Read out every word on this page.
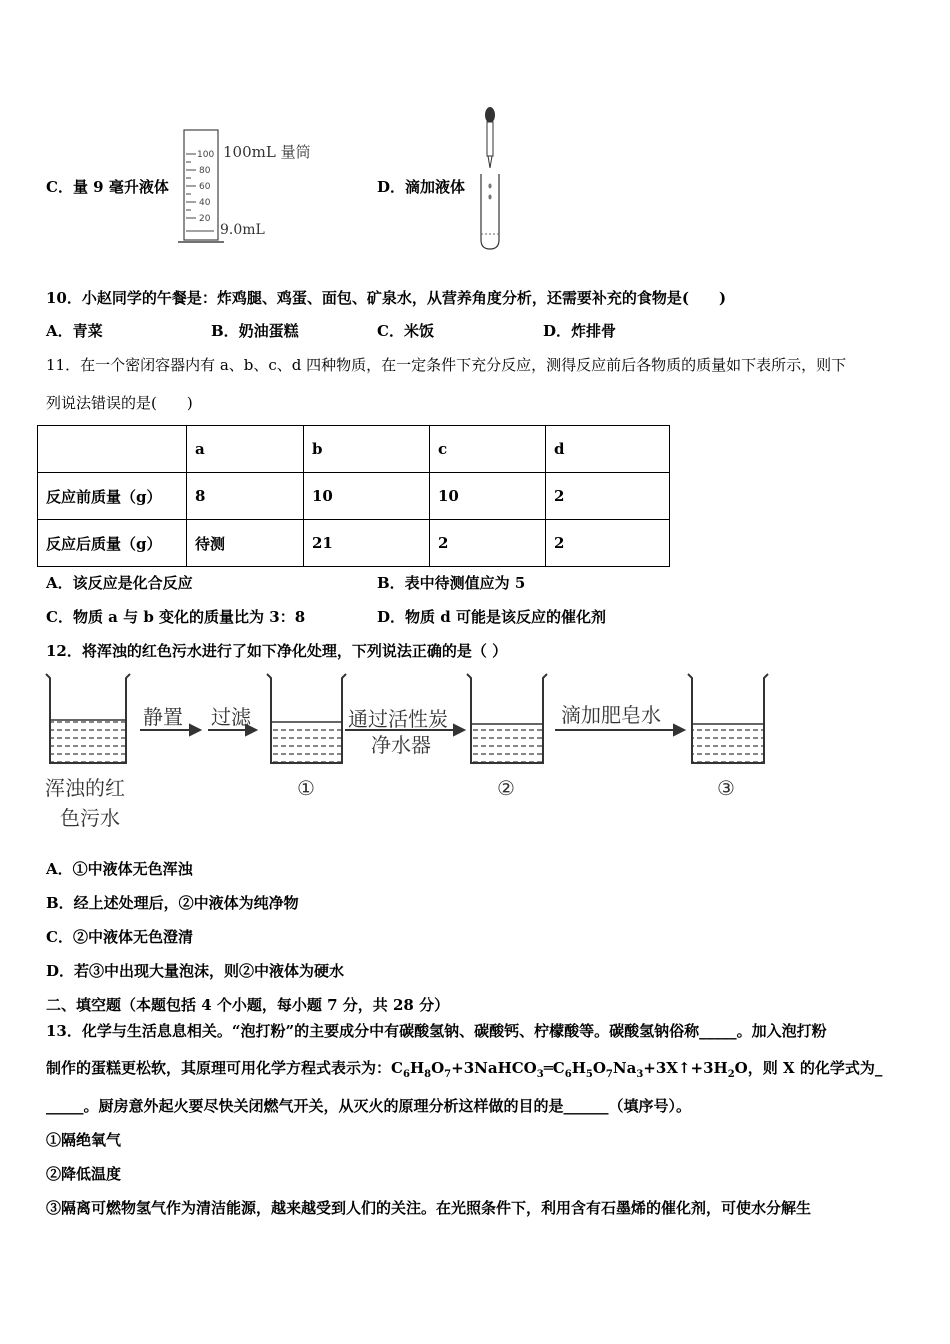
C．量 9 毫升液体
100
80
60
40
20
100mL 量筒
9.0mL
D．滴加液体
10．小赵同学的午餐是：炸鸡腿、鸡蛋、面包、矿泉水，从营养角度分析，还需要补充的食物是(　　)
A．青菜	B．奶油蛋糕	C．米饭	D．炸排骨
11．在一个密闭容器内有 a、b、c、d 四种物质，在一定条件下充分反应，测得反应前后各物质的质量如下表所示，则下
列说法错误的是(　　)
	a	b	c	d
反应前质量（g）	8	10	10	2
反应后质量（g）	待测	21	2	2
A．该反应是化合反应	B．表中待测值应为 5
C．物质 a 与 b 变化的质量比为 3：8	D．物质 d 可能是该反应的催化剂
12．将浑浊的红色污水进行了如下净化处理，下列说法正确的是（ ）
静置 过滤	通过活性炭
净水器
滴加肥皂水
浑浊的红
色污水
①	②	③
A．①中液体无色浑浊
B．经上述处理后，②中液体为纯净物
C．②中液体无色澄清
D．若③中出现大量泡沫，则②中液体为硬水
二、填空题（本题包括 4 个小题，每小题 7 分，共 28 分）
13．化学与生活息息相关。“泡打粉”的主要成分中有碳酸氢钠、碳酸钙、柠檬酸等。碳酸氢钠俗称_____。加入泡打粉
制作的蛋糕更松软，其原理可用化学方程式表示为：$C_6H_8O_7+3NaHCO_3═C_6H_5O_7Na_3+3X↑+3H_2O$，则 X 的化学式为_
_____。厨房意外起火要尽快关闭燃气开关，从灭火的原理分析这样做的目的是______（填序号）。
①隔绝氧气
②降低温度
③隔离可燃物氢气作为清洁能源，越来越受到人们的关注。在光照条件下，利用含有石墨烯的催化剂，可使水分解生
